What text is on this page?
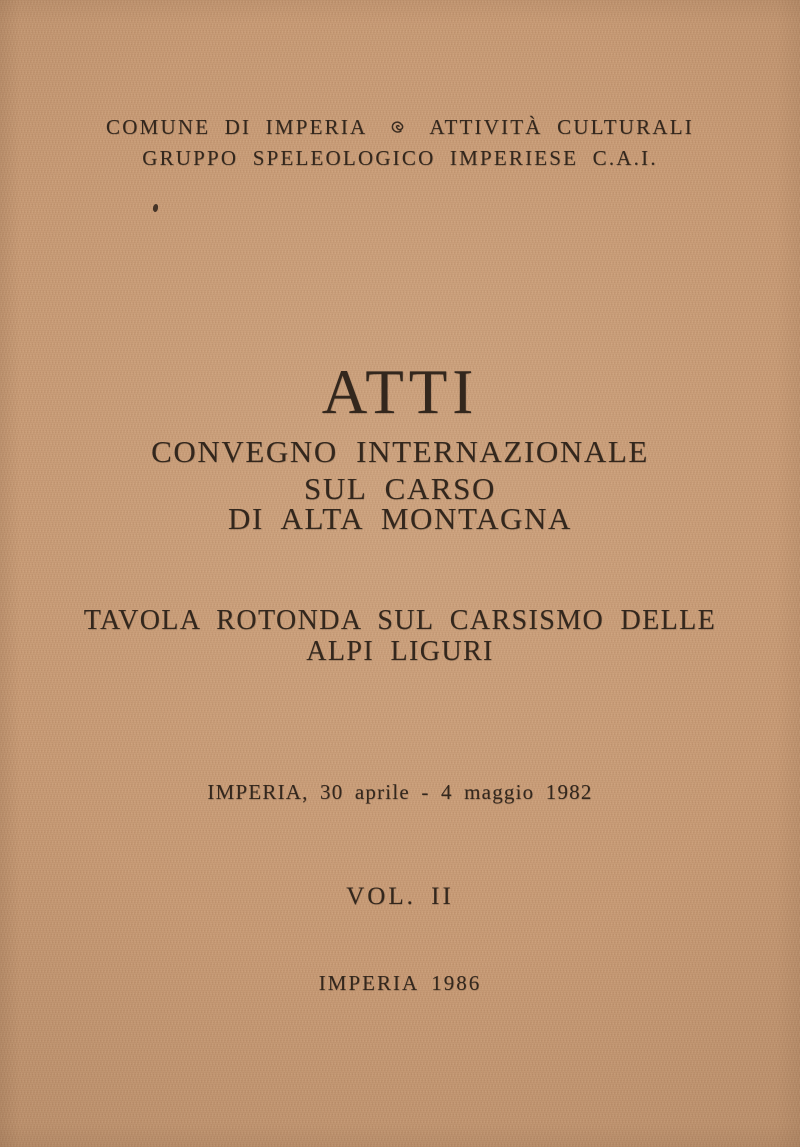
COMUNE DI IMPERIA	ATTIVITÀ CULTURALI
GRUPPO SPELEOLOGICO IMPERIESE C.A.I.
ATTI
CONVEGNO INTERNAZIONALE
SUL CARSO
DI ALTA MONTAGNA
TAVOLA ROTONDA SUL CARSISMO DELLE
ALPI LIGURI
IMPERIA, 30 aprile - 4 maggio 1982
VOL. II
IMPERIA 1986
